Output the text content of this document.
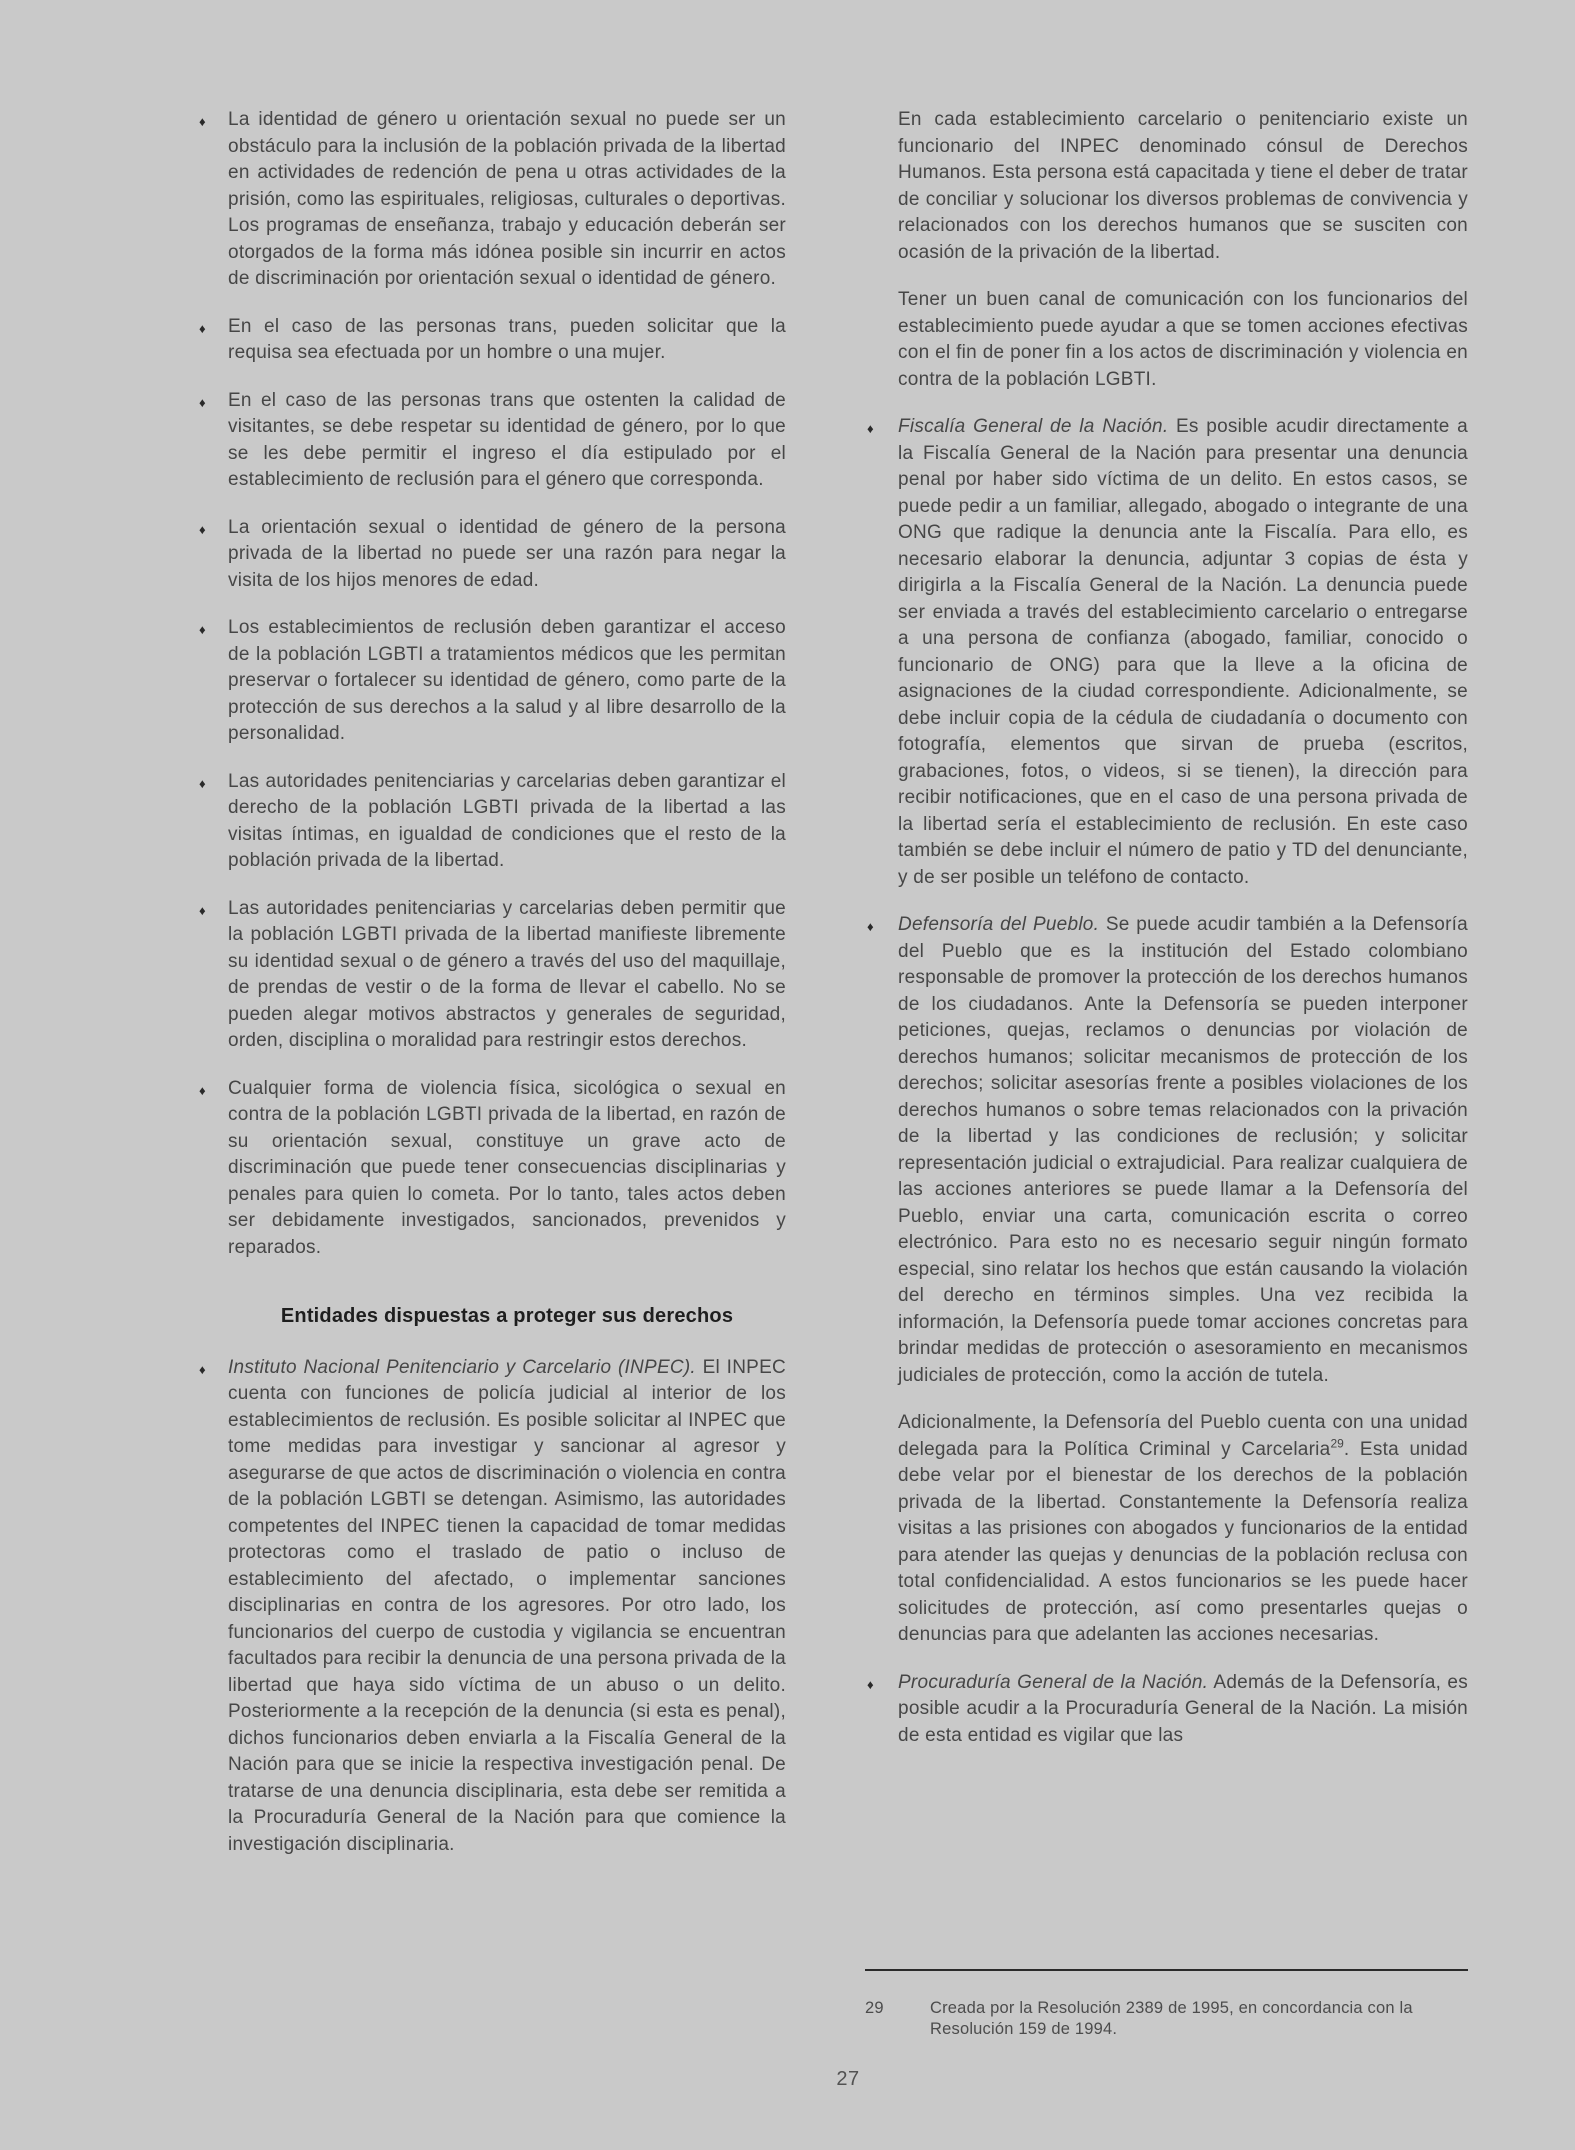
♦ La identidad de género u orientación sexual no puede ser un obstáculo para la inclusión de la población privada de la libertad en actividades de redención de pena u otras actividades de la prisión, como las espirituales, religiosas, culturales o deportivas. Los programas de enseñanza, trabajo y educación deberán ser otorgados de la forma más idónea posible sin incurrir en actos de discriminación por orientación sexual o identidad de género.
♦ En el caso de las personas trans, pueden solicitar que la requisa sea efectuada por un hombre o una mujer.
♦ En el caso de las personas trans que ostenten la calidad de visitantes, se debe respetar su identidad de género, por lo que se les debe permitir el ingreso el día estipulado por el establecimiento de reclusión para el género que corresponda.
♦ La orientación sexual o identidad de género de la persona privada de la libertad no puede ser una razón para negar la visita de los hijos menores de edad.
♦ Los establecimientos de reclusión deben garantizar el acceso de la población LGBTI a tratamientos médicos que les permitan preservar o fortalecer su identidad de género, como parte de la protección de sus derechos a la salud y al libre desarrollo de la personalidad.
♦ Las autoridades penitenciarias y carcelarias deben garantizar el derecho de la población LGBTI privada de la libertad a las visitas íntimas, en igualdad de condiciones que el resto de la población privada de la libertad.
♦ Las autoridades penitenciarias y carcelarias deben permitir que la población LGBTI privada de la libertad manifieste libremente su identidad sexual o de género a través del uso del maquillaje, de prendas de vestir o de la forma de llevar el cabello. No se pueden alegar motivos abstractos y generales de seguridad, orden, disciplina o moralidad para restringir estos derechos.
♦ Cualquier forma de violencia física, sicológica o sexual en contra de la población LGBTI privada de la libertad, en razón de su orientación sexual, constituye un grave acto de discriminación que puede tener consecuencias disciplinarias y penales para quien lo cometa. Por lo tanto, tales actos deben ser debidamente investigados, sancionados, prevenidos y reparados.
Entidades dispuestas a proteger sus derechos
♦ Instituto Nacional Penitenciario y Carcelario (INPEC). El INPEC cuenta con funciones de policía judicial al interior de los establecimientos de reclusión. Es posible solicitar al INPEC que tome medidas para investigar y sancionar al agresor y asegurarse de que actos de discriminación o violencia en contra de la población LGBTI se detengan. Asimismo, las autoridades competentes del INPEC tienen la capacidad de tomar medidas protectoras como el traslado de patio o incluso de establecimiento del afectado, o implementar sanciones disciplinarias en contra de los agresores. Por otro lado, los funcionarios del cuerpo de custodia y vigilancia se encuentran facultados para recibir la denuncia de una persona privada de la libertad que haya sido víctima de un abuso o un delito. Posteriormente a la recepción de la denuncia (si esta es penal), dichos funcionarios deben enviarla a la Fiscalía General de la Nación para que se inicie la respectiva investigación penal. De tratarse de una denuncia disciplinaria, esta debe ser remitida a la Procuraduría General de la Nación para que comience la investigación disciplinaria.
En cada establecimiento carcelario o penitenciario existe un funcionario del INPEC denominado cónsul de Derechos Humanos. Esta persona está capacitada y tiene el deber de tratar de conciliar y solucionar los diversos problemas de convivencia y relacionados con los derechos humanos que se susciten con ocasión de la privación de la libertad.
Tener un buen canal de comunicación con los funcionarios del establecimiento puede ayudar a que se tomen acciones efectivas con el fin de poner fin a los actos de discriminación y violencia en contra de la población LGBTI.
♦ Fiscalía General de la Nación. Es posible acudir directamente a la Fiscalía General de la Nación para presentar una denuncia penal por haber sido víctima de un delito. En estos casos, se puede pedir a un familiar, allegado, abogado o integrante de una ONG que radique la denuncia ante la Fiscalía. Para ello, es necesario elaborar la denuncia, adjuntar 3 copias de ésta y dirigirla a la Fiscalía General de la Nación. La denuncia puede ser enviada a través del establecimiento carcelario o entregarse a una persona de confianza (abogado, familiar, conocido o funcionario de ONG) para que la lleve a la oficina de asignaciones de la ciudad correspondiente. Adicionalmente, se debe incluir copia de la cédula de ciudadanía o documento con fotografía, elementos que sirvan de prueba (escritos, grabaciones, fotos, o videos, si se tienen), la dirección para recibir notificaciones, que en el caso de una persona privada de la libertad sería el establecimiento de reclusión. En este caso también se debe incluir el número de patio y TD del denunciante, y de ser posible un teléfono de contacto.
♦ Defensoría del Pueblo. Se puede acudir también a la Defensoría del Pueblo que es la institución del Estado colombiano responsable de promover la protección de los derechos humanos de los ciudadanos. Ante la Defensoría se pueden interponer peticiones, quejas, reclamos o denuncias por violación de derechos humanos; solicitar mecanismos de protección de los derechos; solicitar asesorías frente a posibles violaciones de los derechos humanos o sobre temas relacionados con la privación de la libertad y las condiciones de reclusión; y solicitar representación judicial o extrajudicial. Para realizar cualquiera de las acciones anteriores se puede llamar a la Defensoría del Pueblo, enviar una carta, comunicación escrita o correo electrónico. Para esto no es necesario seguir ningún formato especial, sino relatar los hechos que están causando la violación del derecho en términos simples. Una vez recibida la información, la Defensoría puede tomar acciones concretas para brindar medidas de protección o asesoramiento en mecanismos judiciales de protección, como la acción de tutela.
Adicionalmente, la Defensoría del Pueblo cuenta con una unidad delegada para la Política Criminal y Carcelaria$^{29}$. Esta unidad debe velar por el bienestar de los derechos de la población privada de la libertad. Constantemente la Defensoría realiza visitas a las prisiones con abogados y funcionarios de la entidad para atender las quejas y denuncias de la población reclusa con total confidencialidad. A estos funcionarios se les puede hacer solicitudes de protección, así como presentarles quejas o denuncias para que adelanten las acciones necesarias.
♦ Procuraduría General de la Nación. Además de la Defensoría, es posible acudir a la Procuraduría General de la Nación. La misión de esta entidad es vigilar que las
29	Creada por la Resolución 2389 de 1995, en concordancia con la Resolución 159 de 1994.
27
